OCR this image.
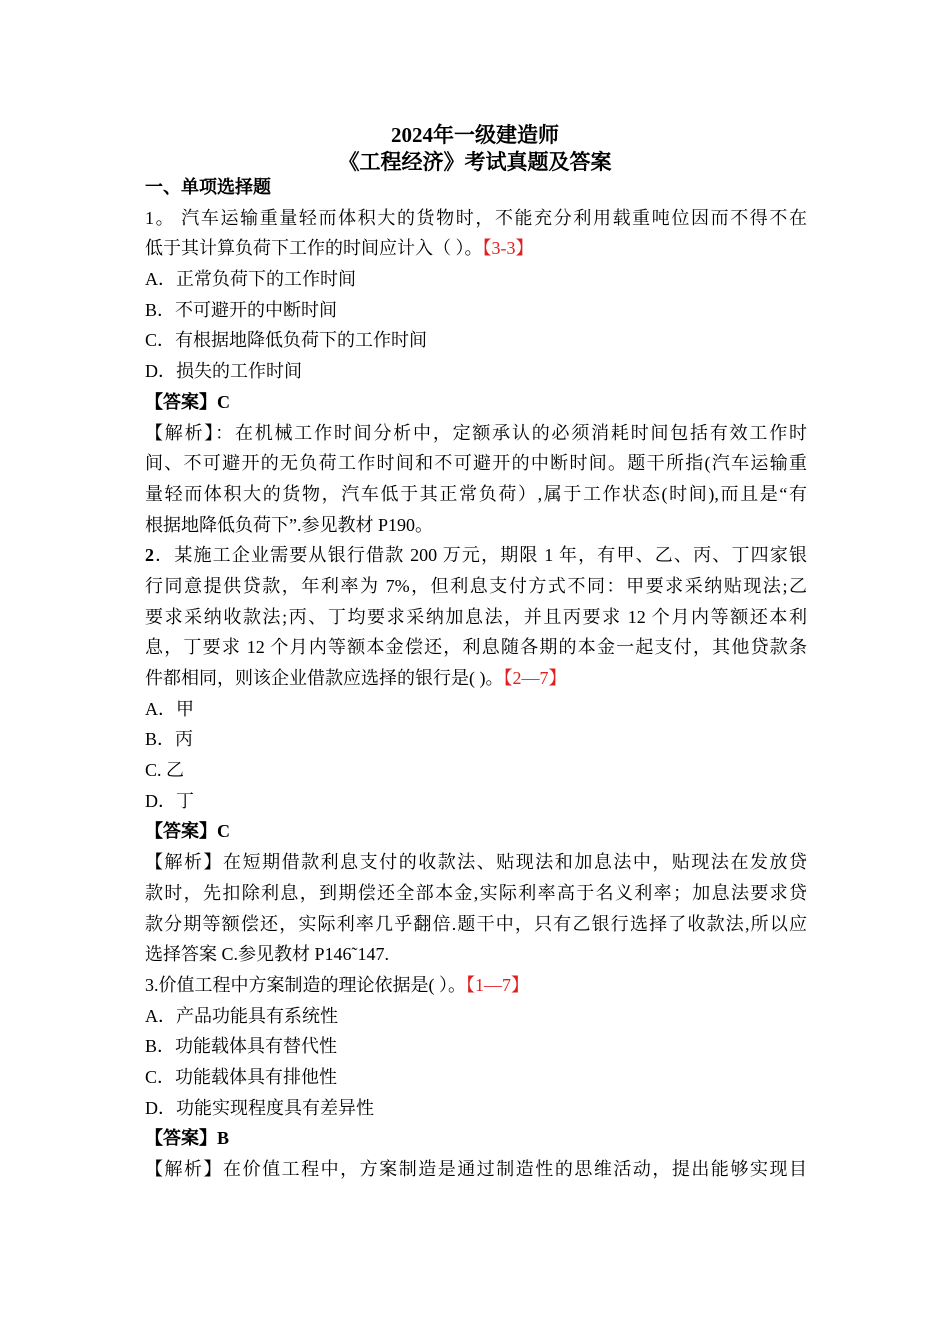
2024年一级建造师
《工程经济》考试真题及答案
一、单项选择题
1。 汽车运输重量轻而体积大的货物时，不能充分利用载重吨位因而不得不在
低于其计算负荷下工作的时间应计入（ ）。【3-3】
A．正常负荷下的工作时间
B．不可避开的中断时间
C．有根据地降低负荷下的工作时间
D．损失的工作时间
【答案】C
【解析】：在机械工作时间分析中，定额承认的必须消耗时间包括有效工作时
间、不可避开的无负荷工作时间和不可避开的中断时间。题干所指(汽车运输重
量轻而体积大的货物，汽车低于其正常负荷）,属于工作状态(时间),而且是“有
根据地降低负荷下”.参见教材 P190。
2．某施工企业需要从银行借款 200 万元，期限 1 年，有甲、乙、丙、丁四家银
行同意提供贷款，年利率为 7%，但利息支付方式不同：甲要求采纳贴现法;乙
要求采纳收款法;丙、丁均要求采纳加息法，并且丙要求 12 个月内等额还本利
息，丁要求 12 个月内等额本金偿还，利息随各期的本金一起支付，其他贷款条
件都相同，则该企业借款应选择的银行是( )。【2—7】
A．甲
B．丙
C. 乙
D．丁
【答案】C
【解析】在短期借款利息支付的收款法、贴现法和加息法中，贴现法在发放贷
款时，先扣除利息，到期偿还全部本金,实际利率高于名义利率；加息法要求贷
款分期等额偿还，实际利率几乎翻倍.题干中，只有乙银行选择了收款法,所以应
选择答案 C.参见教材 P146˜147.
3.价值工程中方案制造的理论依据是( ）。【1—7】
A．产品功能具有系统性
B．功能载体具有替代性
C．功能载体具有排他性
D．功能实现程度具有差异性
【答案】B
【解析】在价值工程中，方案制造是通过制造性的思维活动，提出能够实现目
